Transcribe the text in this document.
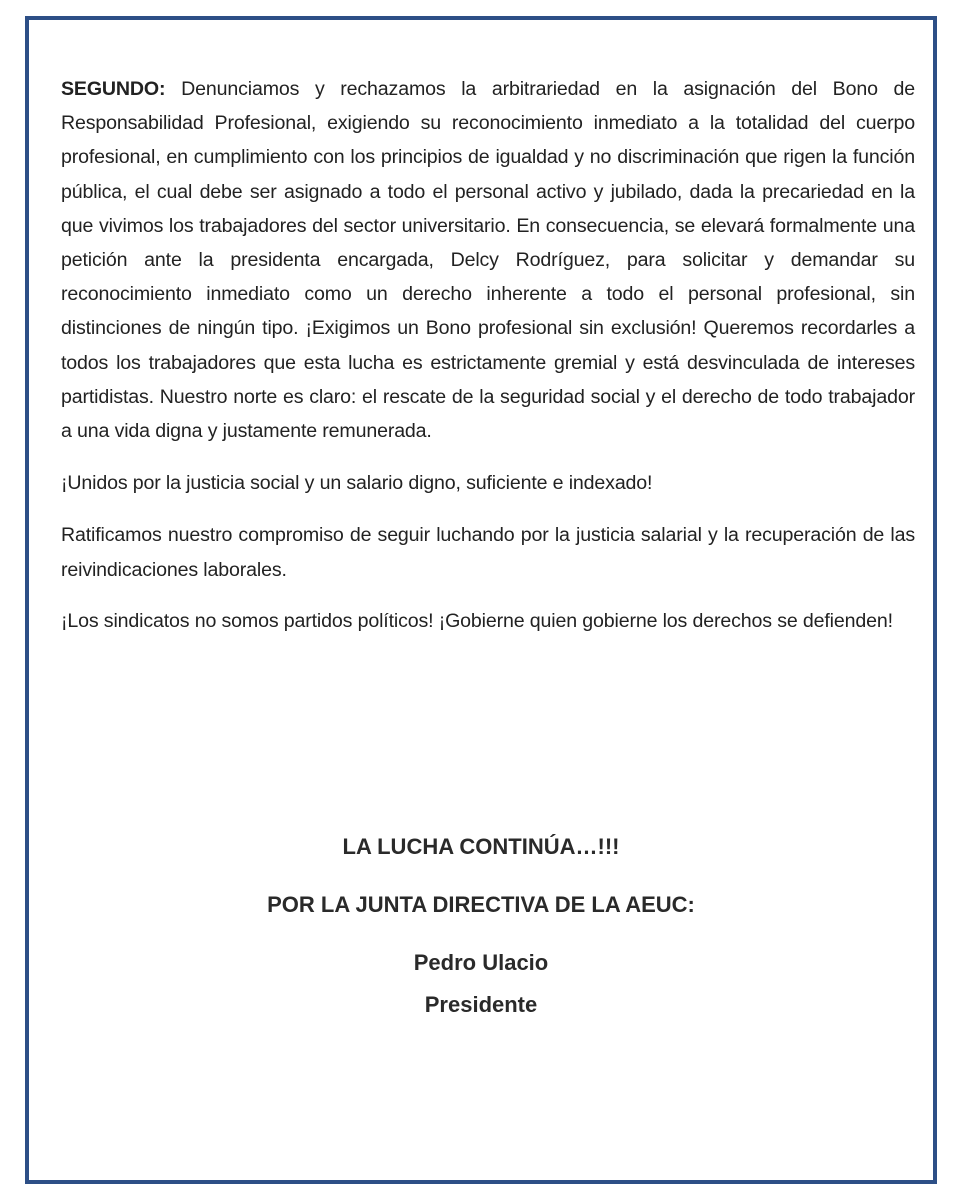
SEGUNDO: Denunciamos y rechazamos la arbitrariedad en la asignación del Bono de Responsabilidad Profesional, exigiendo su reconocimiento inmediato a la totalidad del cuerpo profesional, en cumplimiento con los principios de igualdad y no discriminación que rigen la función pública, el cual debe ser asignado a todo el personal activo y jubilado, dada la precariedad en la que vivimos los trabajadores del sector universitario. En consecuencia, se elevará formalmente una petición ante la presidenta encargada, Delcy Rodríguez, para solicitar y demandar su reconocimiento inmediato como un derecho inherente a todo el personal profesional, sin distinciones de ningún tipo. ¡Exigimos un Bono profesional sin exclusión! Queremos recordarles a todos los trabajadores que esta lucha es estrictamente gremial y está desvinculada de intereses partidistas. Nuestro norte es claro: el rescate de la seguridad social y el derecho de todo trabajador a una vida digna y justamente remunerada.

¡Unidos por la justicia social y un salario digno, suficiente e indexado!

Ratificamos nuestro compromiso de seguir luchando por la justicia salarial y la recuperación de las reivindicaciones laborales.

¡Los sindicatos no somos partidos políticos! ¡Gobierne quien gobierne los derechos se defienden!

LA LUCHA CONTINÚA…!!!
POR LA JUNTA DIRECTIVA DE LA AEUC:
Pedro Ulacio
Presidente
